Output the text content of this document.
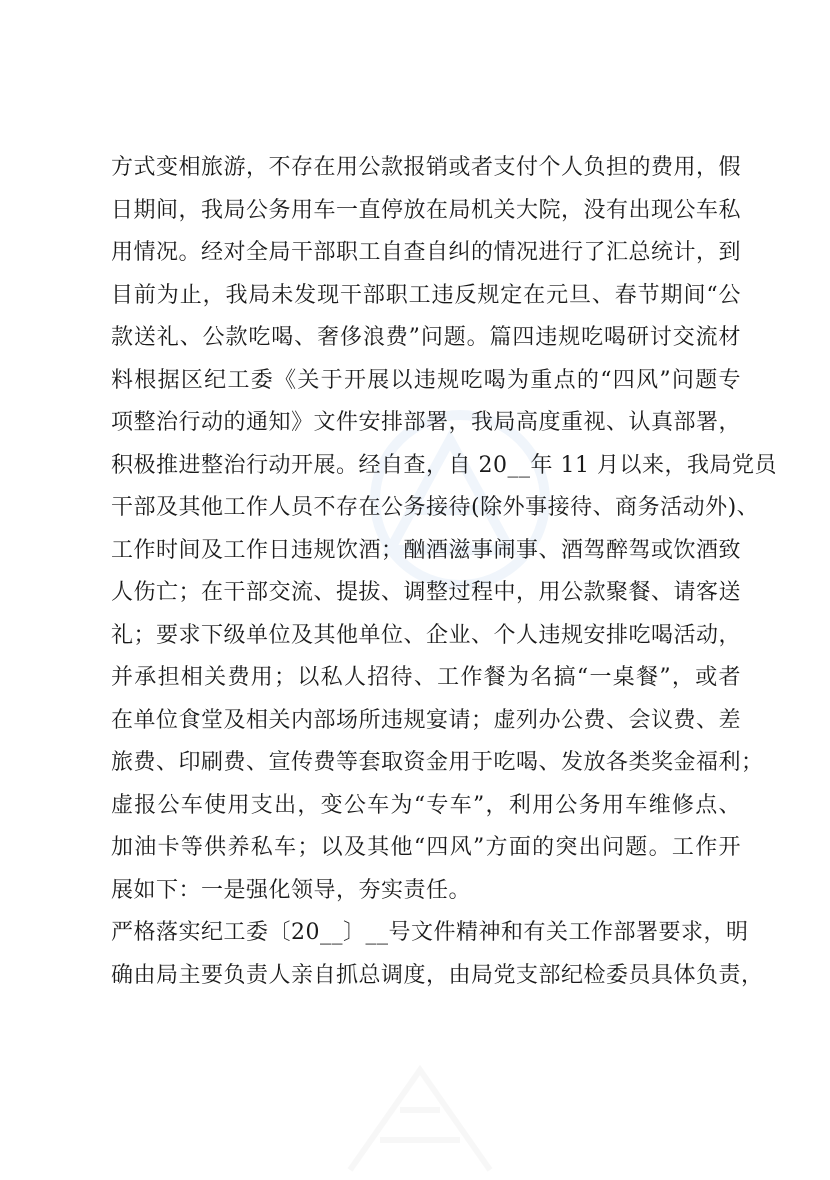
方式变相旅游，不存在用公款报销或者支付个人负担的费用，假
日期间，我局公务用车一直停放在局机关大院，没有出现公车私
用情况。经对全局干部职工自查自纠的情况进行了汇总统计，到
目前为止，我局未发现干部职工违反规定在元旦、春节期间“公
款送礼、公款吃喝、奢侈浪费”问题。篇四违规吃喝研讨交流材
料根据区纪工委《关于开展以违规吃喝为重点的“四风”问题专
项整治行动的通知》文件安排部署，我局高度重视、认真部署，
积极推进整治行动开展。经自查，自 20__年 11 月以来，我局党员
干部及其他工作人员不存在公务接待(除外事接待、商务活动外)、
工作时间及工作日违规饮酒；酗酒滋事闹事、酒驾醉驾或饮酒致
人伤亡；在干部交流、提拔、调整过程中，用公款聚餐、请客送
礼；要求下级单位及其他单位、企业、个人违规安排吃喝活动，
并承担相关费用；以私人招待、工作餐为名搞“一桌餐”，或者
在单位食堂及相关内部场所违规宴请；虚列办公费、会议费、差
旅费、印刷费、宣传费等套取资金用于吃喝、发放各类奖金福利；
虚报公车使用支出，变公车为“专车”，利用公务用车维修点、
加油卡等供养私车；以及其他“四风”方面的突出问题。工作开
展如下：一是强化领导，夯实责任。
严格落实纪工委〔20__〕__号文件精神和有关工作部署要求，明
确由局主要负责人亲自抓总调度，由局党支部纪检委员具体负责，
